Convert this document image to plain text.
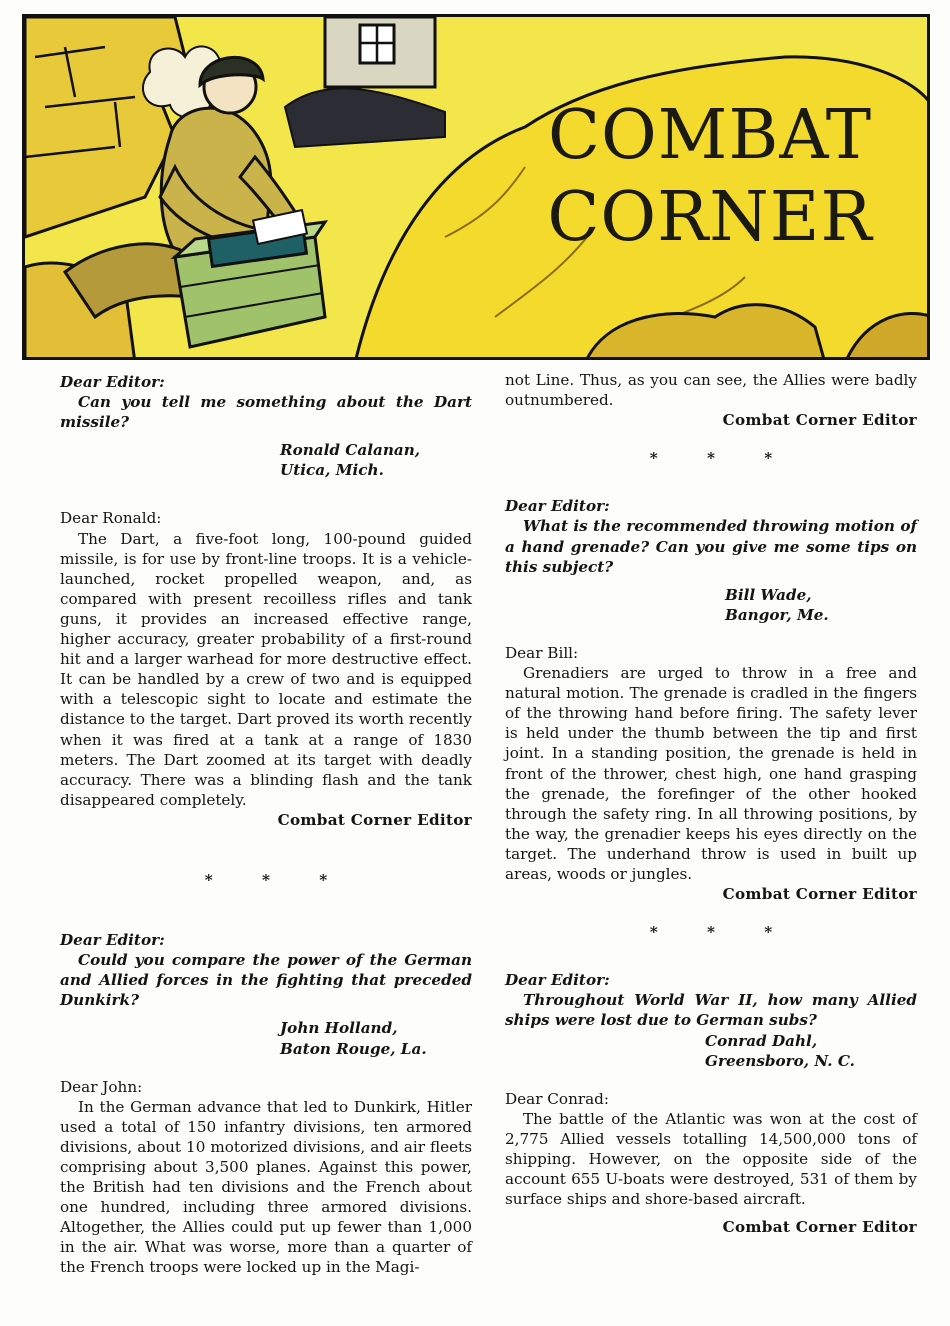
COMBAT
CORNER
Dear Editor:
Can you tell me something about the Dart missile?
Ronald Calanan,
Utica, Mich.
Dear Ronald:
The Dart, a five-foot long, 100-pound guided missile, is for use by front-line troops. It is a vehicle-launched, rocket propelled weapon, and, as compared with present recoilless rifles and tank guns, it provides an increased effective range, higher accuracy, greater probability of a first-round hit and a larger warhead for more destructive effect. It can be handled by a crew of two and is equipped with a telescopic sight to locate and estimate the distance to the target. Dart proved its worth recently when it was fired at a tank at a range of 1830 meters. The Dart zoomed at its target with deadly accuracy. There was a blinding flash and the tank disappeared completely.
Combat Corner Editor
* * *
Dear Editor:
Could you compare the power of the German and Allied forces in the fighting that preceded Dunkirk?
John Holland,
Baton Rouge, La.
Dear John:
In the German advance that led to Dunkirk, Hitler used a total of 150 infantry divisions, ten armored divisions, about 10 motorized divisions, and air fleets comprising about 3,500 planes. Against this power, the British had ten divisions and the French about one hundred, including three armored divisions. Altogether, the Allies could put up fewer than 1,000 in the air. What was worse, more than a quarter of the French troops were locked up in the Magi-
not Line. Thus, as you can see, the Allies were badly outnumbered.
Combat Corner Editor
* * *
Dear Editor:
What is the recommended throwing motion of a hand grenade? Can you give me some tips on this subject?
Bill Wade,
Bangor, Me.
Dear Bill:
Grenadiers are urged to throw in a free and natural motion. The grenade is cradled in the fingers of the throwing hand before firing. The safety lever is held under the thumb between the tip and first joint. In a standing position, the grenade is held in front of the thrower, chest high, one hand grasping the grenade, the forefinger of the other hooked through the safety ring. In all throwing positions, by the way, the grenadier keeps his eyes directly on the target. The underhand throw is used in built up areas, woods or jungles.
Combat Corner Editor
* * *
Dear Editor:
Throughout World War II, how many Allied ships were lost due to German subs?
Conrad Dahl,
Greensboro, N. C.
Dear Conrad:
The battle of the Atlantic was won at the cost of 2,775 Allied vessels totalling 14,500,000 tons of shipping. However, on the opposite side of the account 655 U-boats were destroyed, 531 of them by surface ships and shore-based aircraft.
Combat Corner Editor
